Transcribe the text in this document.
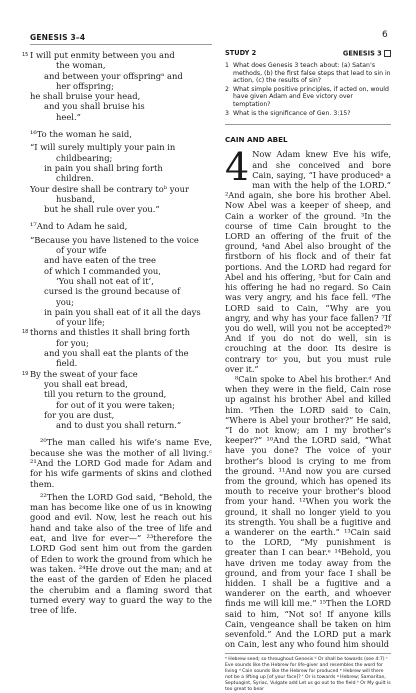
GENESIS 3–4	6
15 I will put enmity between you and
the woman,
and between your offspringᵃ and
her offspring;
he shall bruise your head,
and you shall bruise his
heel.”
¹⁶To the woman he said,
“I will surely multiply your pain in
childbearing;
in pain you shall bring forth
children.
Your desire shall be contrary toᵇ your
husband,
but he shall rule over you.”
¹⁷And to Adam he said,
“Because you have listened to the voice
of your wife
and have eaten of the tree
of which I commanded you,
‘You shall not eat of it’,
cursed is the ground because of
you;
in pain you shall eat of it all the days
of your life;
18 thorns and thistles it shall bring forth
for you;
and you shall eat the plants of the
field.
19 By the sweat of your face
you shall eat bread,
till you return to the ground,
for out of it you were taken;
for you are dust,
and to dust you shall return.”

²⁰The man called his wife’s name Eve, because she was the mother of all living.ᶜ ²¹And the LORD God made for Adam and for his wife garments of skins and clothed them.

²²Then the LORD God said, “Behold, the man has become like one of us in knowing good and evil. Now, lest he reach out his hand and take also of the tree of life and eat, and live for ever—” ²³therefore the LORD God sent him out from the garden of Eden to work the ground from which he was taken. ²⁴He drove out the man; and at the east of the garden of Eden he placed the cherubim and a flaming sword that turned every way to guard the way to the tree of life.

STUDY 2	GENESIS 3
1 What does Genesis 3 teach about: (a) Satan’s methods, (b) the first false steps that lead to sin in action, (c) the results of sin?
2 What simple positive principles, if acted on, would have given Adam and Eve victory over temptation?
3 What is the significance of Gen. 3:15?
CAIN AND ABEL
4 Now Adam knew Eve his wife, and she conceived and bore Cain, saying, “I have producedᵃ a man with the help of the LORD.” ²And again, she bore his brother Abel. Now Abel was a keeper of sheep, and Cain a worker of the ground. ³In the course of time Cain brought to the LORD an offering of the fruit of the ground, ⁴and Abel also brought of the firstborn of his flock and of their fat portions. And the LORD had regard for Abel and his offering, ⁵but for Cain and his offering he had no regard. So Cain was very angry, and his face fell. ⁶The LORD said to Cain, “Why are you angry, and why has your face fallen? ⁷If you do well, will you not be accepted?ᵇ And if you do not do well, sin is crouching at the door. Its desire is contrary toᶜ you, but you must rule over it.”

⁸Cain spoke to Abel his brother.ᵈ And when they were in the field, Cain rose up against his brother Abel and killed him. ⁹Then the LORD said to Cain, “Where is Abel your brother?” He said, “I do not know; am I my brother’s keeper?” ¹⁰And the LORD said, “What have you done? The voice of your brother’s blood is crying to me from the ground. ¹¹And now you are cursed from the ground, which has opened its mouth to receive your brother’s blood from your hand. ¹²When you work the ground, it shall no longer yield to you its strength. You shall be a fugitive and a wanderer on the earth.” ¹³Cain said to the LORD, “My punishment is greater than I can bear.ᵉ ¹⁴Behold, you have driven me today away from the ground, and from your face I shall be hidden. I shall be a fugitive and a wanderer on the earth, and whoever finds me will kill me.” ¹⁵Then the LORD said to him, “Not so! If anyone kills Cain, vengeance shall be taken on him sevenfold.” And the LORD put a mark on Cain, lest any who found him should

ᵃ Hebrew seed; so throughout Genesis ᵇ Or shall be towards (see 4:7) ᶜ Eve sounds like the Hebrew for life-giver and resembles the word for living ᵈ Cain sounds like the Hebrew for produced ᵉ Hebrew will there not be a lifting up [of your face]? ᶠ Or is towards ᵍ Hebrew; Samaritan, Septuagint, Syriac, Vulgate add Let us go out to the field ʰ Or My guilt is too great to bear
